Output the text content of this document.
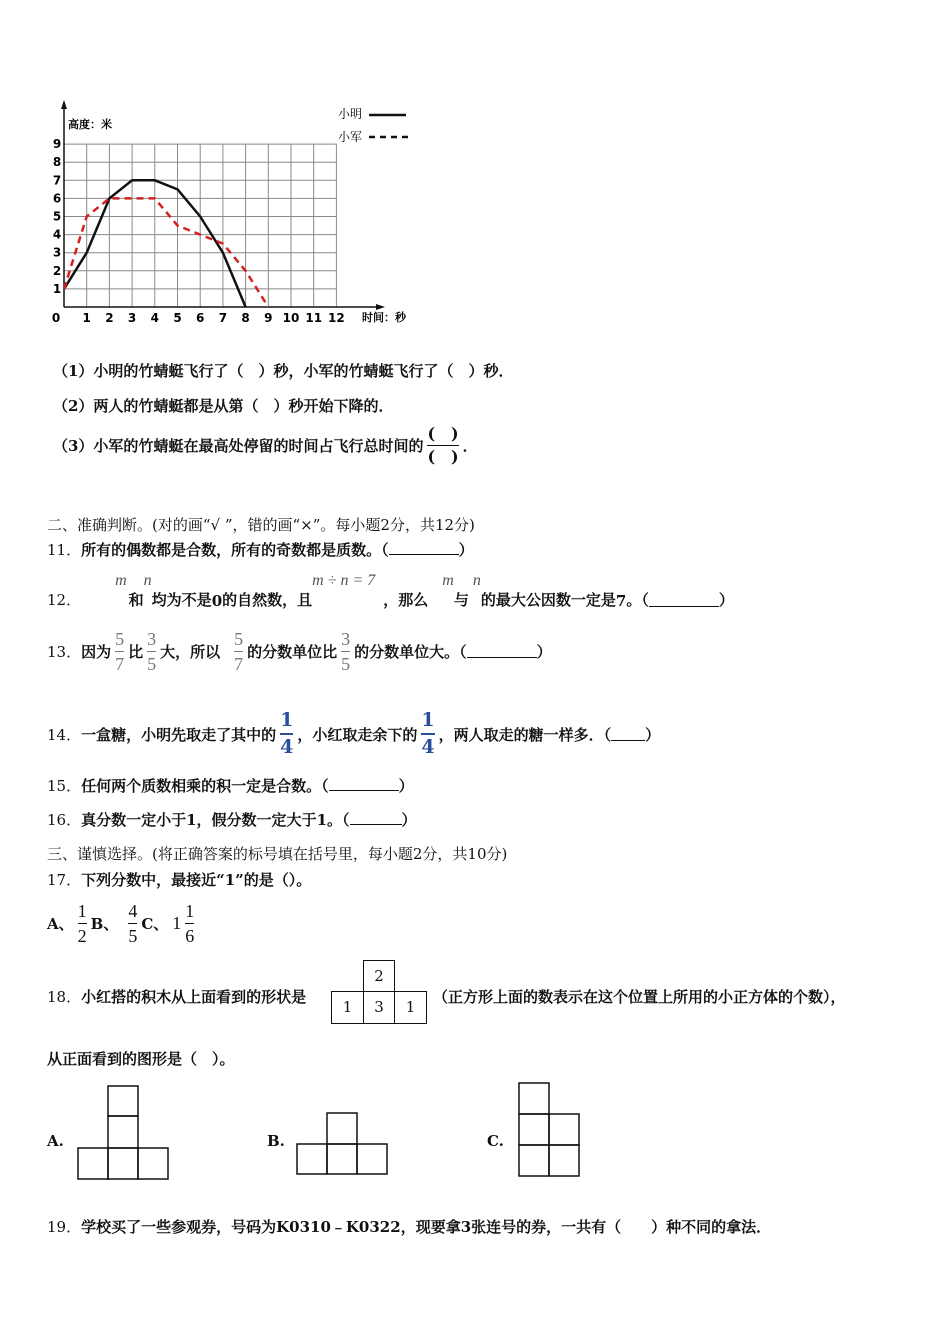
0 1 2 3 4 5 6 7 8 9 10 11 12
1
2
3
4
5
6
7
8
9
高度：米
时间：秒
小明
小军
（1）小明的竹蜻蜓飞行了（　）秒，小军的竹蜻蜓飞行了（　）秒．
（2）两人的竹蜻蜓都是从第（　）秒开始下降的．
（3）小军的竹蜻蜓在最高处停留的时间占飞行总时间的 $\frac{( )}{( )}$ ．
二、准确判断。(对的画“√ ”，错的画“×”。每小题2分，共12分)
11．所有的偶数都是合数，所有的奇数都是质数。（	）
12．
m
和
n
均为不是 0 的自然数，且
m ÷ n = 7
，那么
m
与
n
的最大公因数一定是 7 。（	）
13． 因为 $\frac{5}{7}$ 比 $\frac{3}{5}$ 大，所以 $\frac{5}{7}$ 的分数单位比 $\frac{3}{5}$ 的分数单位大。（	）
14． 一盒糖，小明先取走了其中的 $\frac{1}{4}$ ，小红取走余下的 $\frac{1}{4}$ ，两人取走的糖一样多．（ ）
15．任何两个质数相乘的积一定是合数。（	）
16．真分数一定小于1，假分数一定大于1。（	）
三、谨慎选择。(将正确答案的标号填在括号里，每小题2分，共10分)
17．下列分数中，最接近“1”的是（）。
A、 $\frac{1}{2}$ B、 $\frac{4}{5}$ C、 $1 \frac{1}{6}$
18．小红搭的积木从上面看到的形状是
2
1	3	1
（正方形上面的数表示在这个位置上所用的小正方体的个数），
从正面看到的图形是（　）。
A.	B.	C.
19．学校买了一些参观券，号码为K0310﹣K0322，现要拿3张连号的券，一共有（　　）种不同的拿法．
